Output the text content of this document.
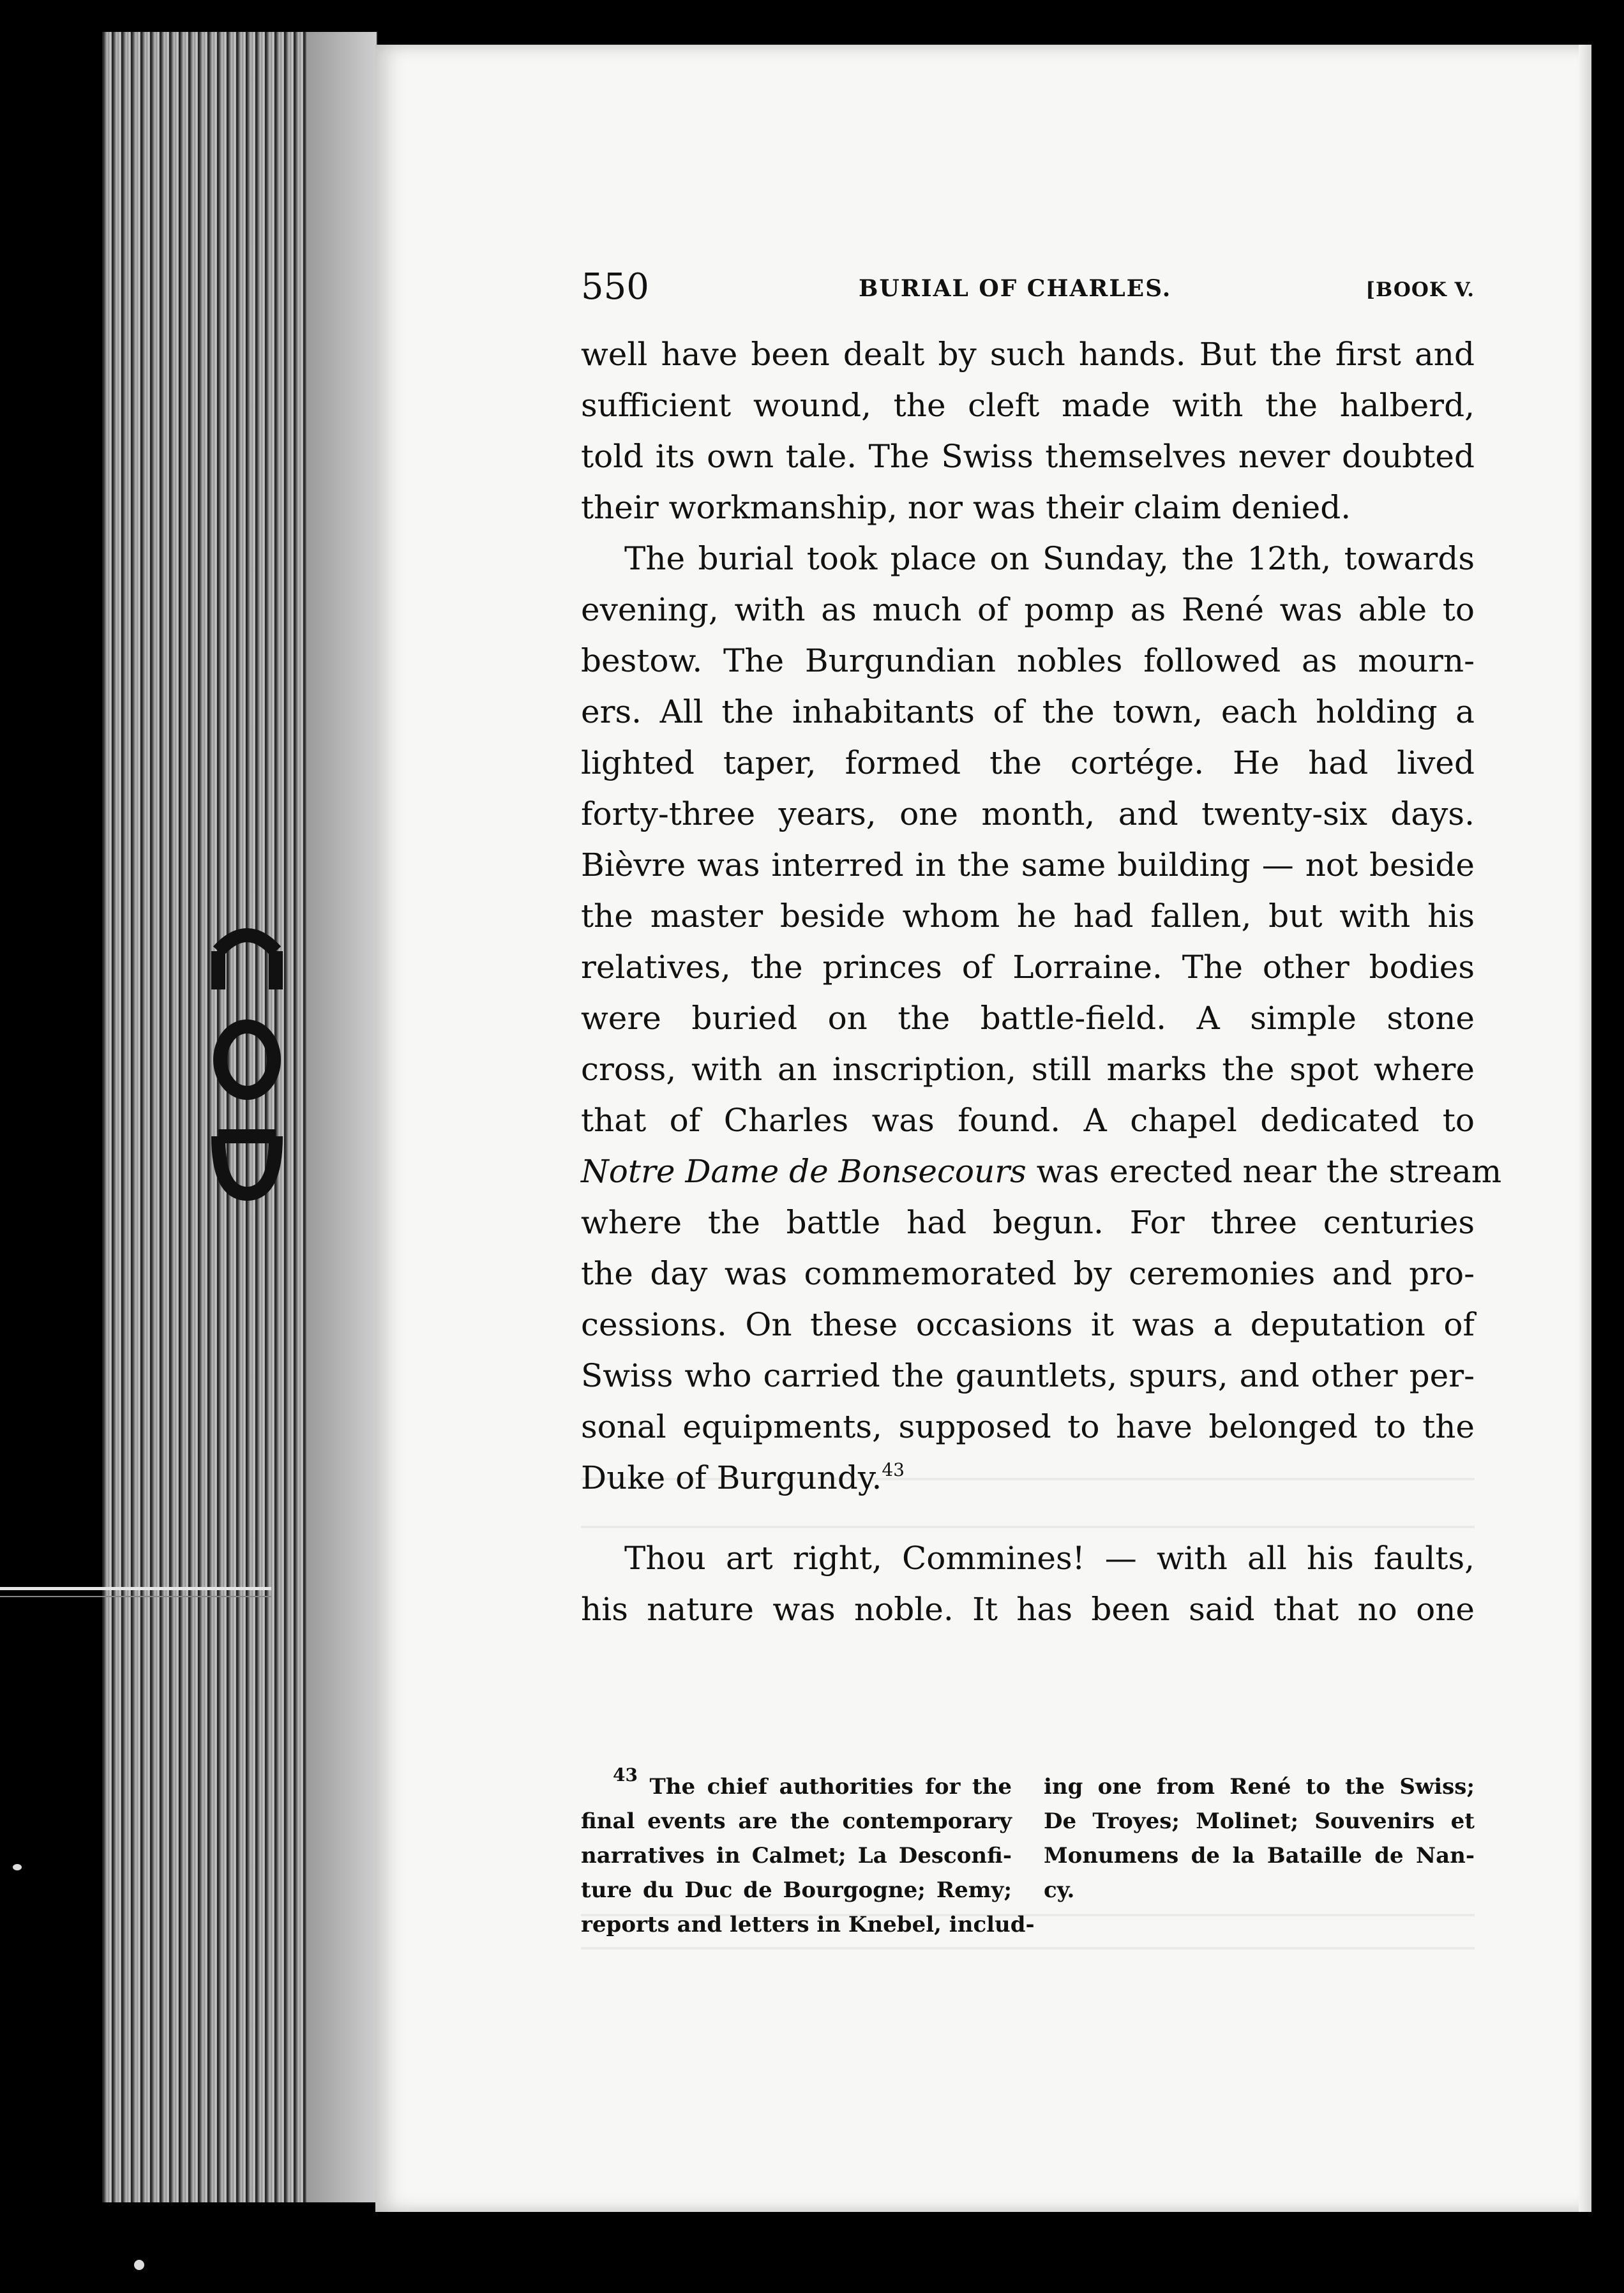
550	BURIAL OF CHARLES.	[BOOK V.

well have been dealt by such hands. But the first and
sufficient wound, the cleft made with the halberd,
told its own tale. The Swiss themselves never doubted
their workmanship, nor was their claim denied.

The burial took place on Sunday, the 12th, towards
evening, with as much of pomp as René was able to
bestow. The Burgundian nobles followed as mourn-
ers. All the inhabitants of the town, each holding a
lighted taper, formed the cortége. He had lived
forty-three years, one month, and twenty-six days.
Bièvre was interred in the same building — not beside
the master beside whom he had fallen, but with his
relatives, the princes of Lorraine. The other bodies
were buried on the battle-field. A simple stone
cross, with an inscription, still marks the spot where
that of Charles was found. A chapel dedicated to
Notre Dame de Bonsecours was erected near the stream
where the battle had begun. For three centuries
the day was commemorated by ceremonies and pro-
cessions. On these occasions it was a deputation of
Swiss who carried the gauntlets, spurs, and other per-
sonal equipments, supposed to have belonged to the
Duke of Burgundy.$^{43}$

Thou art right, Commines! — with all his faults,
his nature was noble. It has been said that no one

$^{43}$ The chief authorities for the
final events are the contemporary
narratives in Calmet; La Desconfi-
ture du Duc de Bourgogne; Remy;
reports and letters in Knebel, includ-
ing one from René to the Swiss;
De Troyes; Molinet; Souvenirs et
Monumens de la Bataille de Nan-
cy.
